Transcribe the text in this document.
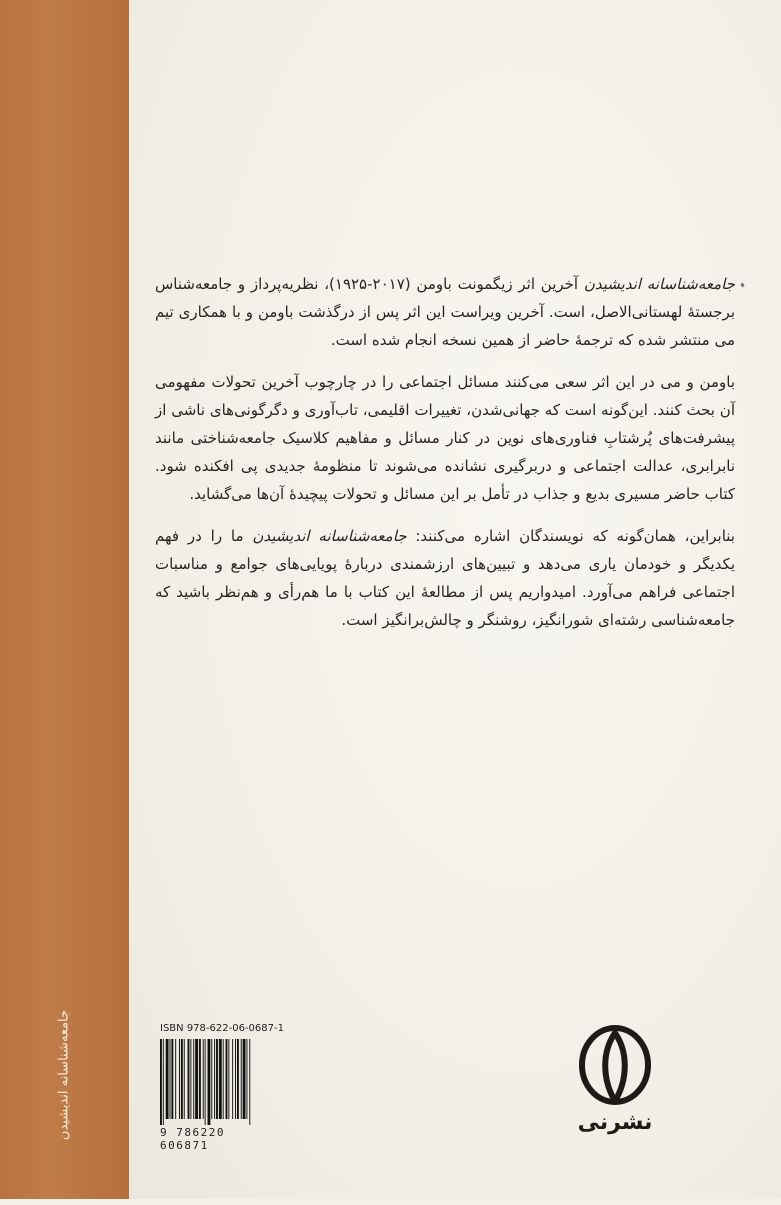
جامعه‌شناسانه اندیشیدن

جامعه‌شناسانه اندیشیدن آخرین اثر زیگمونت باومن (۲۰۱۷-۱۹۲۵)، نظریه‌پرداز و جامعه‌شناس برجستهٔ لهستانی‌الاصل، است. آخرین ویراست این اثر پس از درگذشت باومن و با همکاری تیم می منتشر شده که ترجمهٔ حاضر از همین نسخه انجام شده است.

باومن و می در این اثر سعی می‌کنند مسائل اجتماعی را در چارچوب آخرین تحولات مفهومی آن بحث کنند. این‌گونه است که جهانی‌شدن، تغییرات اقلیمی، تاب‌آوری و دگرگونی‌های ناشی از پیشرفت‌های پُرشتابِ فناوری‌های نوین در کنار مسائل و مفاهیم کلاسیک جامعه‌شناختی مانند نابرابری، عدالت اجتماعی و دربرگیری نشانده می‌شوند تا منظومهٔ جدیدی پی افکنده شود. کتاب حاضر مسیری بدیع و جذاب در تأمل بر این مسائل و تحولات پیچیدهٔ آن‌ها می‌گشاید.

بنابراین، همان‌گونه که نویسندگان اشاره می‌کنند: جامعه‌شناسانه اندیشیدن ما را در فهم یکدیگر و خودمان یاری می‌دهد و تبیین‌های ارزشمندی دربارهٔ پویایی‌های جوامع و مناسبات اجتماعی فراهم می‌آورد. امیدواریم پس از مطالعهٔ این کتاب با ما هم‌رأی و هم‌نظر باشید که جامعه‌شناسی رشته‌ای شورانگیز، روشنگر و چالش‌برانگیز است.

ISBN 978-622-06-0687-1
9 786220 606871
نشرنی
